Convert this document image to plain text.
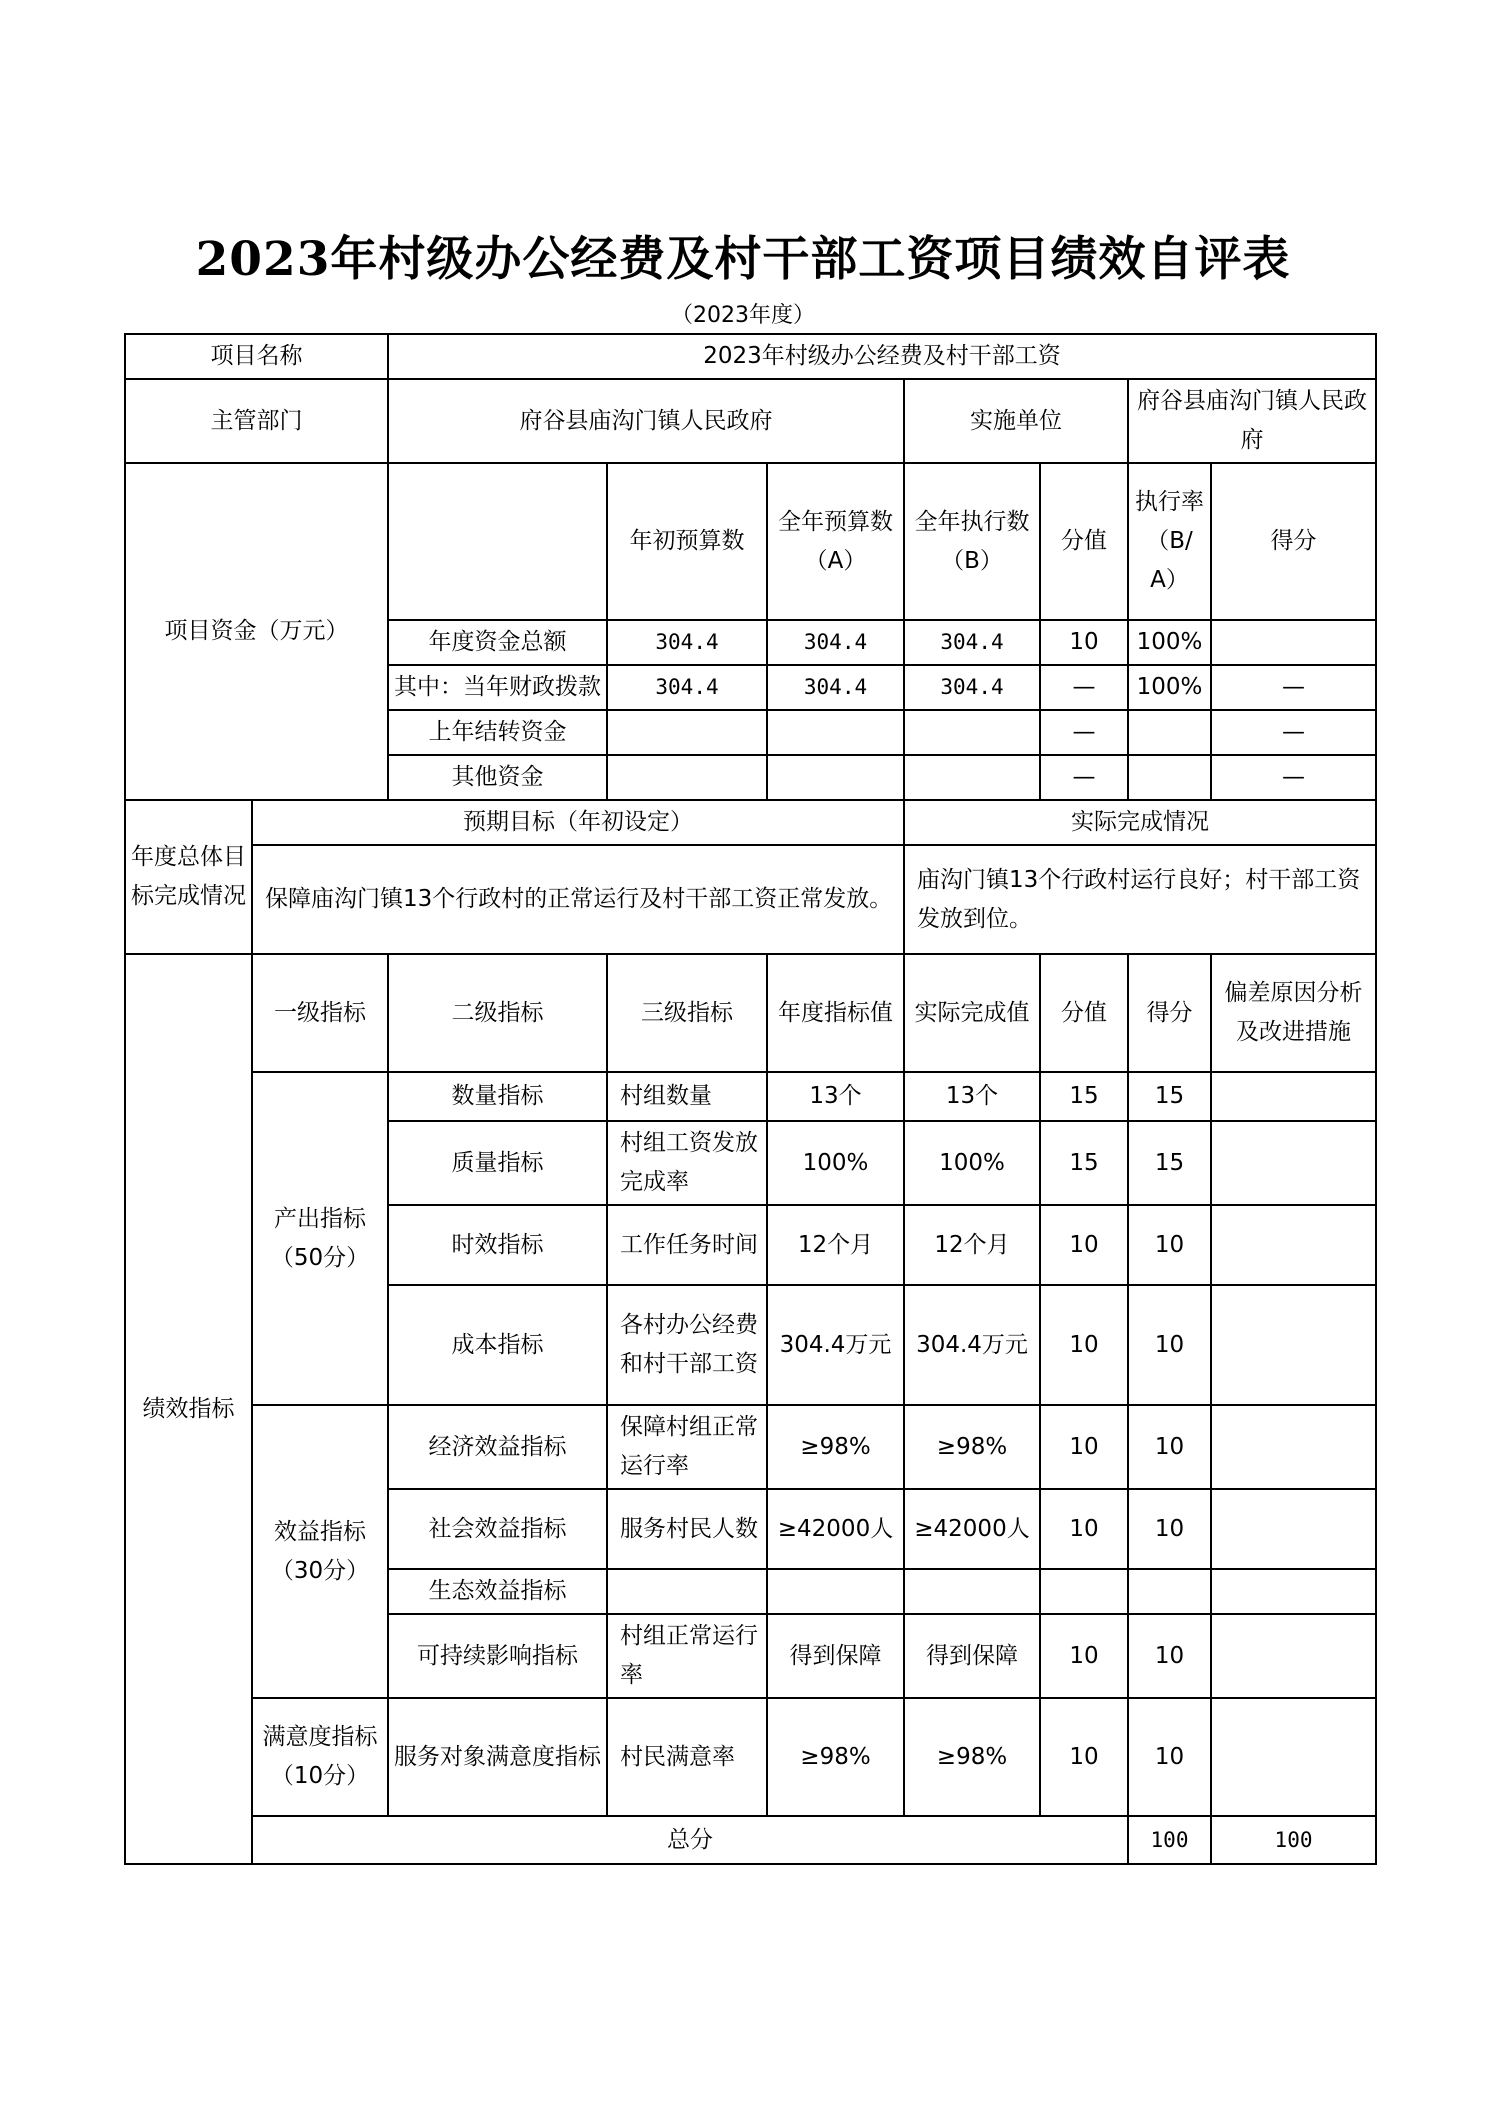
2023年村级办公经费及村干部工资项目绩效自评表
（2023年度）
项目名称		2023年村级办公经费及村干部工资							
主管部门		府谷县庙沟门镇人民政府			实施单位		府谷县庙沟门镇人民政府		
项目资金（万元）			年初预算数	全年预算数（A）	全年执行数（B）	分值	执行率（B/A）	得分	
		年度资金总额	304.4	304.4	304.4	10	100%		
		其中：当年财政拨款	304.4	304.4	304.4	—	100%	—	
		上年结转资金				—		—	
		其他资金				—		—	
年度总体目标完成情况	预期目标（年初设定）				实际完成情况				
	保障庙沟门镇13个行政村的正常运行及村干部工资正常发放。				庙沟门镇13个行政村运行良好；村干部工资发放到位。				
绩效指标	一级指标	二级指标	三级指标	年度指标值	实际完成值	分值	得分	偏差原因分析及改进措施	
	产出指标（50分）	数量指标	村组数量	13个	13个	15	15		
		质量指标	村组工资发放完成率	100%	100%	15	15		
		时效指标	工作任务时间	12个月	12个月	10	10		
		成本指标	各村办公经费和村干部工资	304.4万元	304.4万元	10	10		
	效益指标（30分）	经济效益指标	保障村组正常运行率	≥98%	≥98%	10	10		
		社会效益指标	服务村民人数	≥42000人	≥42000人	10	10		
		生态效益指标							
		可持续影响指标	村组正常运行率	得到保障	得到保障	10	10		
	满意度指标（10分）	服务对象满意度指标	村民满意率	≥98%	≥98%	10	10		
	总分						100	100	
